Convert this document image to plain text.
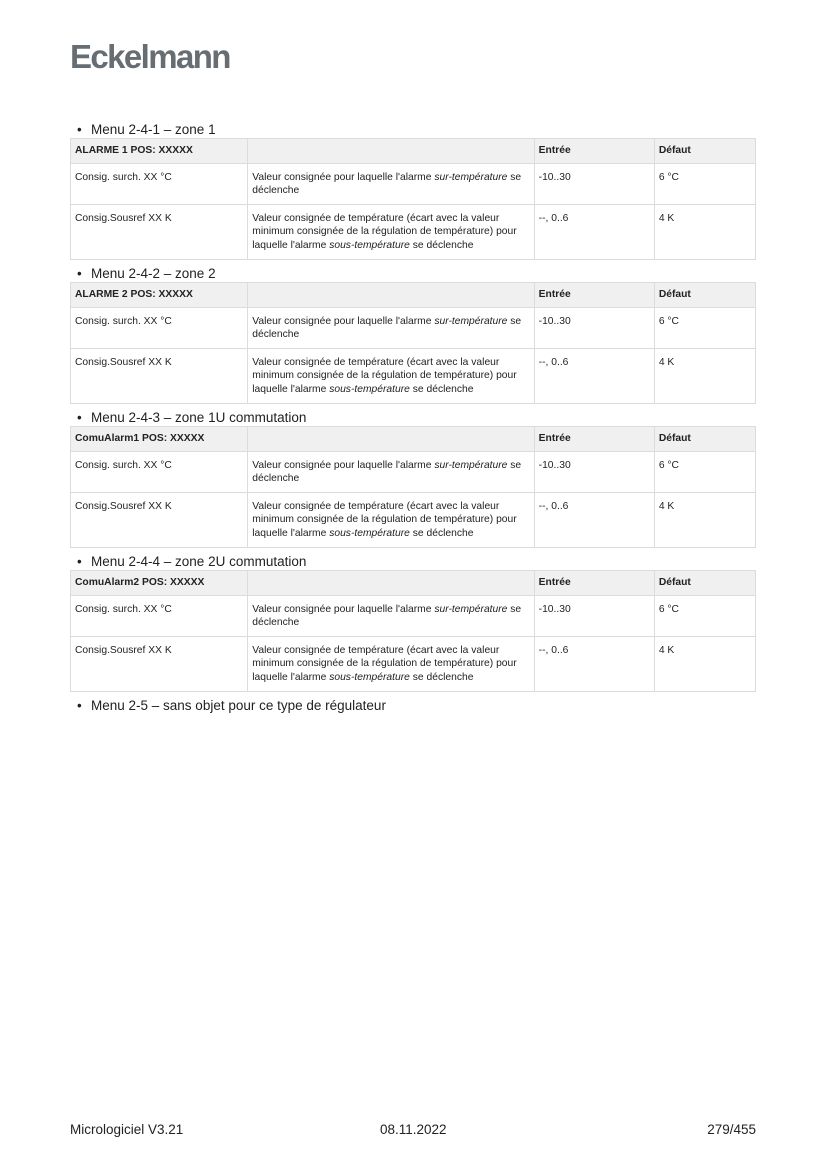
Eckelmann
• Menu 2-4-1 – zone 1
ALARME 1 POS: XXXXX		Entrée	Défaut
Consig. surch. XX °C	Valeur consignée pour laquelle l'alarme sur-température se déclenche	-10..30	6 °C
Consig.Sousref XX K	Valeur consignée de température (écart avec la valeur minimum consignée de la régulation de température) pour laquelle l'alarme sous-température se déclenche	--, 0..6	4 K
• Menu 2-4-2 – zone 2
ALARME 2 POS: XXXXX		Entrée	Défaut
Consig. surch. XX °C	Valeur consignée pour laquelle l'alarme sur-température se déclenche	-10..30	6 °C
Consig.Sousref XX K	Valeur consignée de température (écart avec la valeur minimum consignée de la régulation de température) pour laquelle l'alarme sous-température se déclenche	--, 0..6	4 K
• Menu 2-4-3 – zone 1U commutation
ComuAlarm1 POS: XXXXX		Entrée	Défaut
Consig. surch. XX °C	Valeur consignée pour laquelle l'alarme sur-température se déclenche	-10..30	6 °C
Consig.Sousref XX K	Valeur consignée de température (écart avec la valeur minimum consignée de la régulation de température) pour laquelle l'alarme sous-température se déclenche	--, 0..6	4 K
• Menu 2-4-4 – zone 2U commutation
ComuAlarm2 POS: XXXXX		Entrée	Défaut
Consig. surch. XX °C	Valeur consignée pour laquelle l'alarme sur-température se déclenche	-10..30	6 °C
Consig.Sousref XX K	Valeur consignée de température (écart avec la valeur minimum consignée de la régulation de température) pour laquelle l'alarme sous-température se déclenche	--, 0..6	4 K
• Menu 2-5 – sans objet pour ce type de régulateur
Micrologiciel V3.21	08.11.2022	279/455
